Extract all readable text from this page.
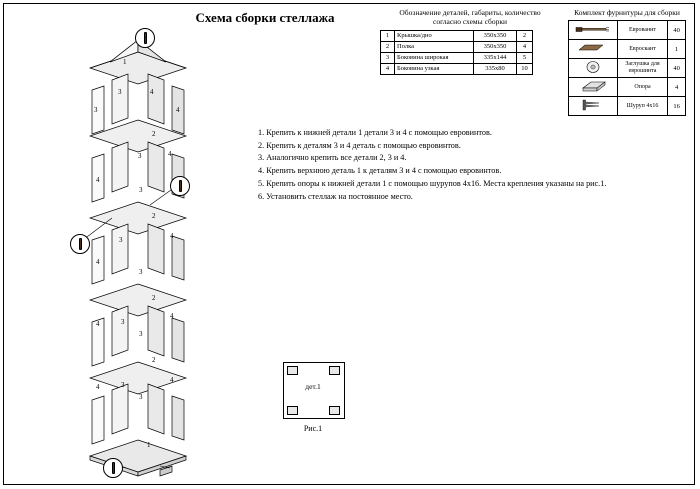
Схема сборки стеллажа	Обозначение деталей, габариты, количество
согласно схемы сборки
1	Крышка/дно	350x350	2
2	Полка	350x350	4
3	Боковина широкая	335x144	5
4	Боковина узкая	335x80	10
Комплект фурнитуры для сборки
	Еврованит	40
	Евроскант	1
	Заглушка для еврошинта	40
	Опора	4
	Шуруп 4х16	16
1. Крепить к нижней детали 1 детали 3 и 4 с помощью евровинтов.
2. Крепить к деталям 3 и 4 деталь с помощью евровинтов.
3. Аналогично крепить все детали 2, 3 и 4.
4. Крепить верхнюю деталь 1 к деталям 3 и 4 с помощью евровинтов.
5. Крепить опоры к нижней детали 1 с помощью шурупов 4х16. Места крепления указаны на рис.1.
6. Установить стеллаж на постоянное место.
дет.1
Рис.1
1
3	4
3	4
2
3	4
4
3
2
3	4
4
3
2
3
4
4
3
2
3
4
4
3
1
